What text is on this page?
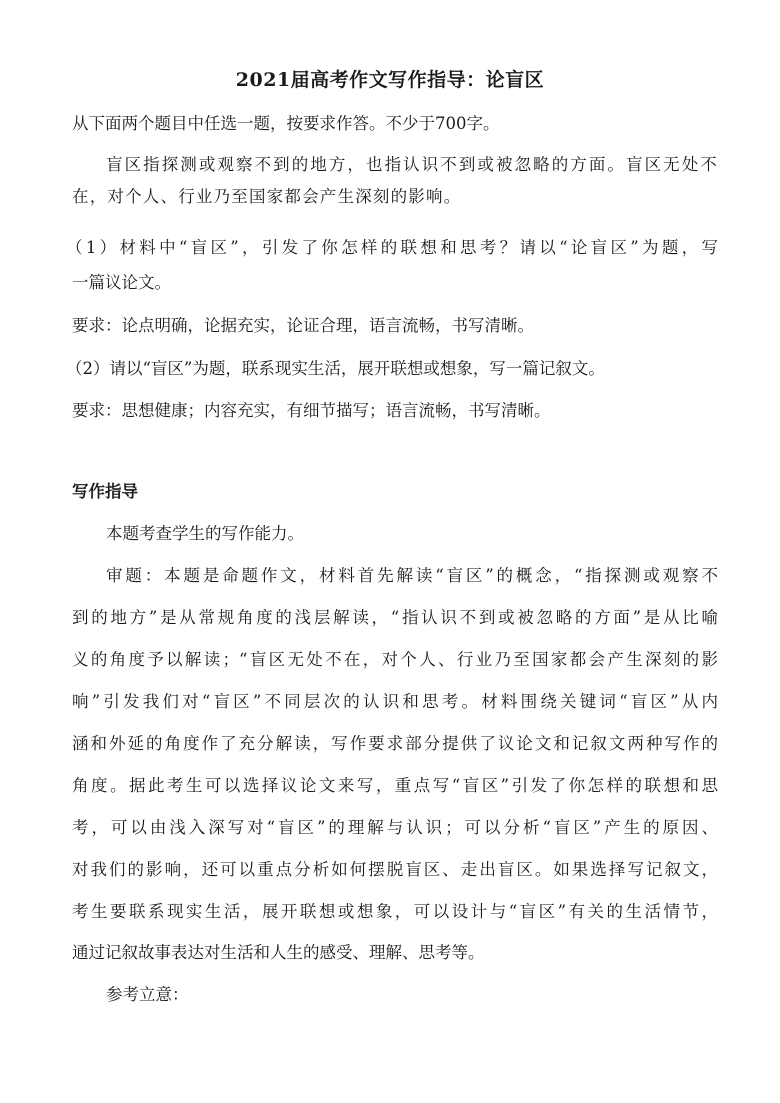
2021届高考作文写作指导：论盲区
从下面两个题目中任选一题，按要求作答。不少于700字。
盲区指探测或观察不到的地方，也指认识不到或被忽略的方面。盲区无处不
在，对个人、行业乃至国家都会产生深刻的影响。
（1）材料中“盲区”，引发了你怎样的联想和思考？请以“论盲区”为题，写
一篇议论文。
要求：论点明确，论据充实，论证合理，语言流畅，书写清晰。
（2）请以“盲区”为题，联系现实生活，展开联想或想象，写一篇记叙文。
要求：思想健康；内容充实，有细节描写；语言流畅，书写清晰。
写作指导
本题考查学生的写作能力。
审题：本题是命题作文，材料首先解读“盲区”的概念，“指探测或观察不
到的地方”是从常规角度的浅层解读，“指认识不到或被忽略的方面”是从比喻
义的角度予以解读；“盲区无处不在，对个人、行业乃至国家都会产生深刻的影
响”引发我们对“盲区”不同层次的认识和思考。材料围绕关键词“盲区”从内
涵和外延的角度作了充分解读，写作要求部分提供了议论文和记叙文两种写作的
角度。据此考生可以选择议论文来写，重点写“盲区”引发了你怎样的联想和思
考，可以由浅入深写对“盲区”的理解与认识；可以分析“盲区”产生的原因、
对我们的影响，还可以重点分析如何摆脱盲区、走出盲区。如果选择写记叙文，
考生要联系现实生活，展开联想或想象，可以设计与“盲区”有关的生活情节，
通过记叙故事表达对生活和人生的感受、理解、思考等。
参考立意：
